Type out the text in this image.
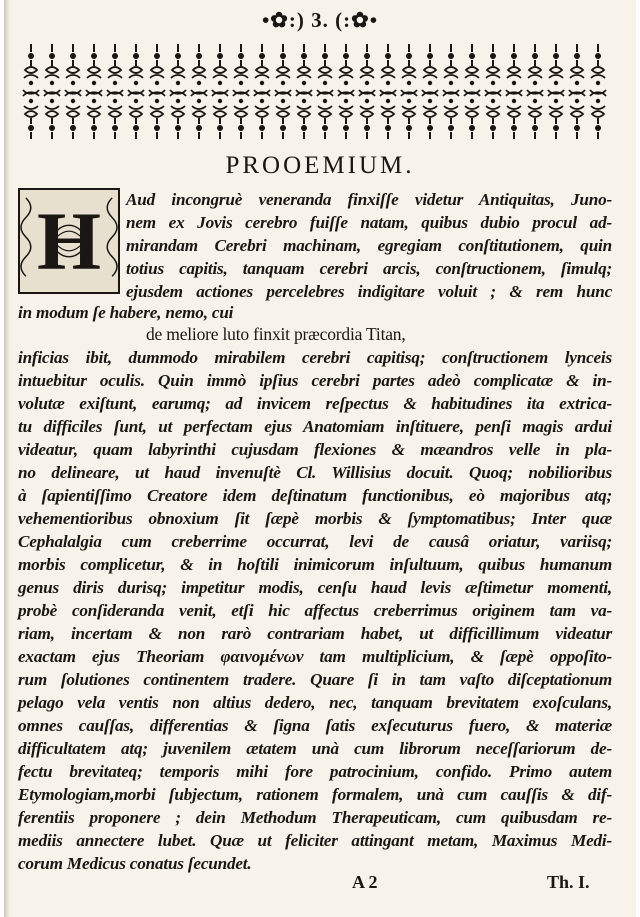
•✿:) 3. (:✿•
PROOEMIUM.
H Aud incongruè veneranda finxiſſe videtur Antiquitas, Juno-
nem ex Jovis cerebro fuiſſe natam, quibus dubio procul ad-
mirandam Cerebri machinam, egregiam conſtitutionem, quin
totius capitis, tanquam cerebri arcis, conſtructionem, ſimulq;
ejusdem actiones percelebres indigitare voluit ; & rem hunc
in modum ſe habere, nemo, cui
de meliore luto finxit præcordia Titan,
inficias ibit, dummodo mirabilem cerebri capitisq; conſtructionem lynceis
intuebitur oculis. Quin immò ipſius cerebri partes adeò complicatæ & in-
volutæ exiſtunt, earumq; ad invicem reſpectus & habitudines ita extrica-
tu difficiles ſunt, ut perfectam ejus Anatomiam inſtituere, penſi magis ardui
videatur, quam labyrinthi cujusdam flexiones & mæandros velle in pla-
no delineare, ut haud invenuſtè Cl. Willisius docuit. Quoq; nobilioribus
à ſapientiſſimo Creatore idem deſtinatum functionibus, eò majoribus atq;
vehementioribus obnoxium ſit ſæpè morbis & ſymptomatibus; Inter quæ
Cephalalgia cum creberrime occurrat, levi de causâ oriatur, variisq;
morbis complicetur, & in hoſtili inimicorum inſultuum, quibus humanum
genus diris durisq; impetitur modis, cenſu haud levis æſtimetur momenti,
probè conſideranda venit, etſi hic affectus creberrimus originem tam va-
riam, incertam & non rarò contrariam habet, ut difficillimum videatur
exactam ejus Theoriam φαινομένων tam multiplicium, & ſæpè oppoſito-
rum ſolutiones continentem tradere. Quare ſi in tam vaſto diſceptationum
pelago vela ventis non altius dedero, nec, tanquam brevitatem exoſculans,
omnes cauſſas, differentias & ſigna ſatis exſecuturus fuero, & materiæ
difficultatem atq; juvenilem ætatem unà cum librorum neceſſariorum de-
fectu brevitateq; temporis mihi fore patrocinium, confido. Primo autem
Etymologiam,morbi ſubjectum, rationem formalem, unà cum cauſſis & dif-
ferentiis proponere ; dein Methodum Therapeuticam, cum quibusdam re-
mediis annectere lubet. Quæ ut feliciter attingant metam, Maximus Medi-
corum Medicus conatus ſecundet.
A 2	Th. I.
